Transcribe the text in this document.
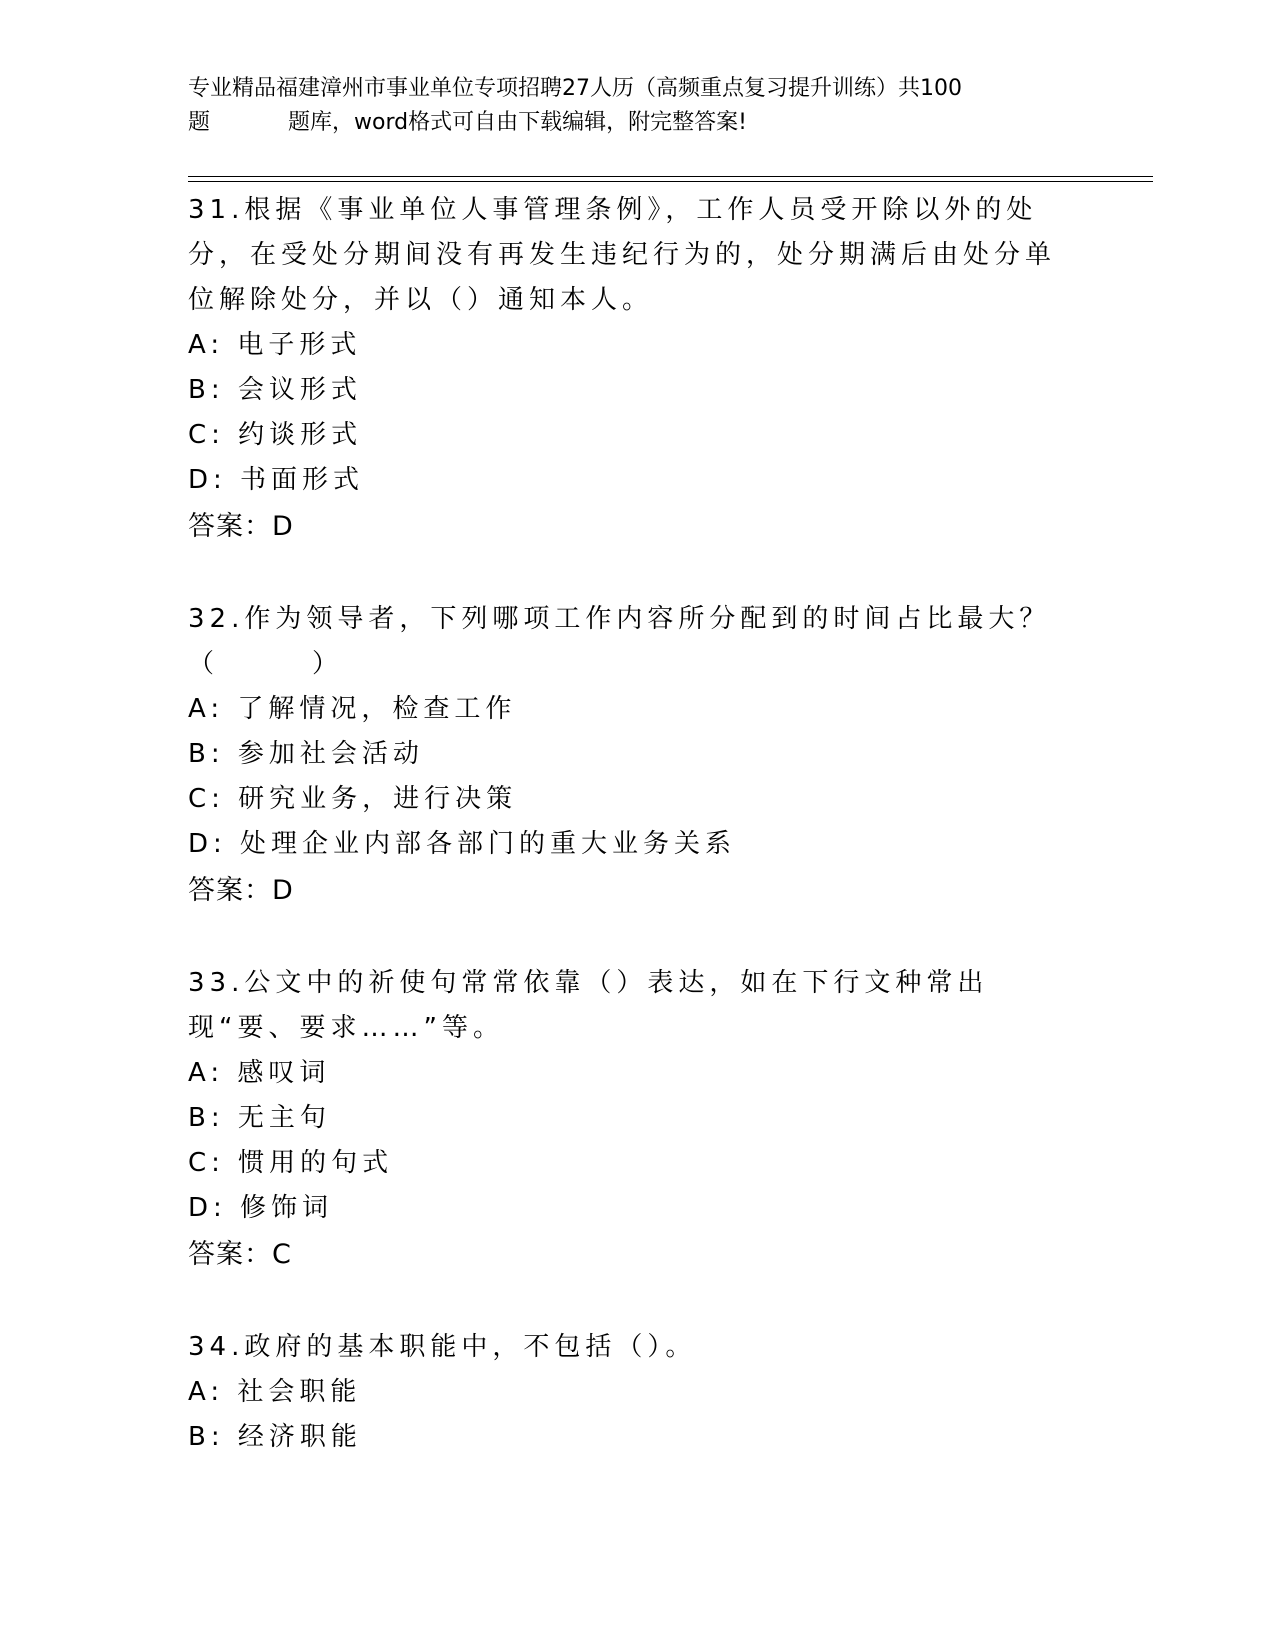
专业精品福建漳州市事业单位专项招聘27人历（高频重点复习提升训练）共100
题	题库，word格式可自由下载编辑，附完整答案!
31.根据《事业单位人事管理条例》，工作人员受开除以外的处分，在受处分期间没有再发生违纪行为的，处分期满后由处分单位解除处分，并以（）通知本人。
A: 电子形式
B: 会议形式
C: 约谈形式
D: 书面形式
答案：D
32.作为领导者，下列哪项工作内容所分配到的时间占比最大？（　　　）
A: 了解情况，检查工作
B: 参加社会活动
C: 研究业务，进行决策
D: 处理企业内部各部门的重大业务关系
答案：D
33.公文中的祈使句常常依靠（）表达，如在下行文种常出现“要、要求……”等。
A: 感叹词
B: 无主句
C: 惯用的句式
D: 修饰词
答案：C
34.政府的基本职能中，不包括（）。
A: 社会职能
B: 经济职能
